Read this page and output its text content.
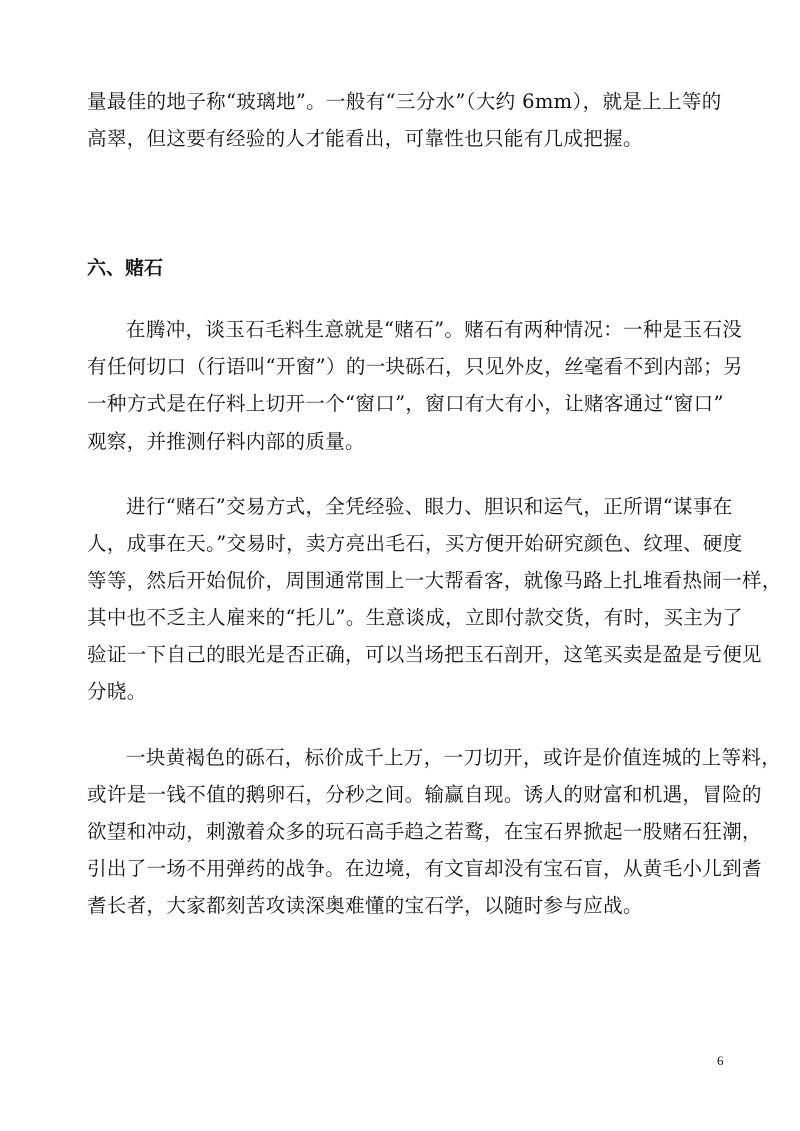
量最佳的地子称“玻璃地”。一般有“三分水”（大约 6mm），就是上上等的
高翠，但这要有经验的人才能看出，可靠性也只能有几成把握。
六、赌石
在腾冲，谈玉石毛料生意就是“赌石”。赌石有两种情况：一种是玉石没
有任何切口（行语叫“开窗”）的一块砾石，只见外皮，丝毫看不到内部；另
一种方式是在仔料上切开一个“窗口”，窗口有大有小，让赌客通过“窗口”
观察，并推测仔料内部的质量。
进行“赌石”交易方式，全凭经验、眼力、胆识和运气，正所谓“谋事在
人，成事在天。”交易时，卖方亮出毛石，买方便开始研究颜色、纹理、硬度
等等，然后开始侃价，周围通常围上一大帮看客，就像马路上扎堆看热闹一样，
其中也不乏主人雇来的“托儿”。生意谈成，立即付款交货，有时，买主为了
验证一下自己的眼光是否正确，可以当场把玉石剖开，这笔买卖是盈是亏便见
分晓。
一块黄褐色的砾石，标价成千上万，一刀切开，或许是价值连城的上等料，
或许是一钱不值的鹅卵石，分秒之间。输赢自现。诱人的财富和机遇，冒险的
欲望和冲动，刺激着众多的玩石高手趋之若鹜，在宝石界掀起一股赌石狂潮，
引出了一场不用弹药的战争。在边境，有文盲却没有宝石盲，从黄毛小儿到耆
耆长者，大家都刻苦攻读深奥难懂的宝石学，以随时参与应战。
6
